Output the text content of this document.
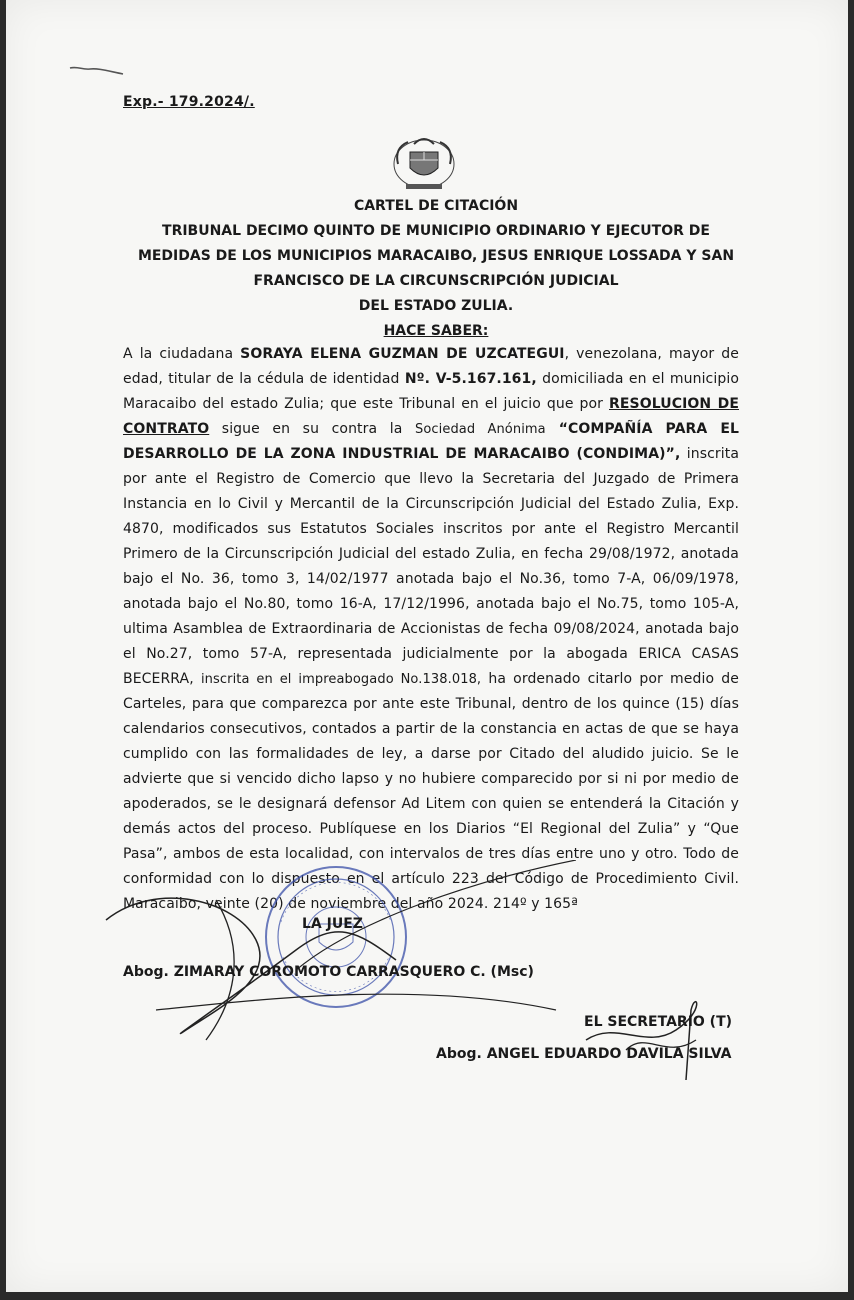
Exp.- 179.2024/.
CARTEL DE CITACIÓN
TRIBUNAL DECIMO QUINTO DE MUNICIPIO ORDINARIO Y EJECUTOR DE
MEDIDAS DE LOS MUNICIPIOS MARACAIBO, JESUS ENRIQUE LOSSADA Y SAN
FRANCISCO DE LA CIRCUNSCRIPCIÓN JUDICIAL
DEL ESTADO ZULIA.
HACE SABER:
A la ciudadana SORAYA ELENA GUZMAN DE UZCATEGUI, venezolana, mayor de edad, titular de la cédula de identidad Nº. V-5.167.161, domiciliada en el municipio Maracaibo del estado Zulia; que este Tribunal en el juicio que por RESOLUCION DE CONTRATO sigue en su contra la Sociedad Anónima “COMPAÑÍA PARA EL DESARROLLO DE LA ZONA INDUSTRIAL DE MARACAIBO (CONDIMA)”, inscrita por ante el Registro de Comercio que llevo la Secretaria del Juzgado de Primera Instancia en lo Civil y Mercantil de la Circunscripción Judicial del Estado Zulia, Exp. 4870, modificados sus Estatutos Sociales inscritos por ante el Registro Mercantil Primero de la Circunscripción Judicial del estado Zulia, en fecha 29/08/1972, anotada bajo el No. 36, tomo 3, 14/02/1977 anotada bajo el No.36, tomo 7-A, 06/09/1978, anotada bajo el No.80, tomo 16-A, 17/12/1996, anotada bajo el No.75, tomo 105-A, ultima Asamblea de Extraordinaria de Accionistas de fecha 09/08/2024, anotada bajo el No.27, tomo 57-A, representada judicialmente por la abogada ERICA CASAS BECERRA, inscrita en el impreabogado No.138.018, ha ordenado citarlo por medio de Carteles, para que comparezca por ante este Tribunal, dentro de los quince (15) días calendarios consecutivos, contados a partir de la constancia en actas de que se haya cumplido con las formalidades de ley, a darse por Citado del aludido juicio. Se le advierte que si vencido dicho lapso y no hubiere comparecido por si ni por medio de apoderados, se le designará defensor Ad Litem con quien se entenderá la Citación y demás actos del proceso. Publíquese en los Diarios “El Regional del Zulia” y “Que Pasa”, ambos de esta localidad, con intervalos de tres días entre uno y otro. Todo de conformidad con lo dispuesto en el artículo 223 del Código de Procedimiento Civil. Maracaibo, veinte (20) de noviembre del año 2024. 214º y 165ª
LA JUEZ
Abog. ZIMARAY COROMOTO CARRASQUERO C. (Msc)
EL SECRETARIO (T)
Abog. ANGEL EDUARDO DAVILA SILVA
